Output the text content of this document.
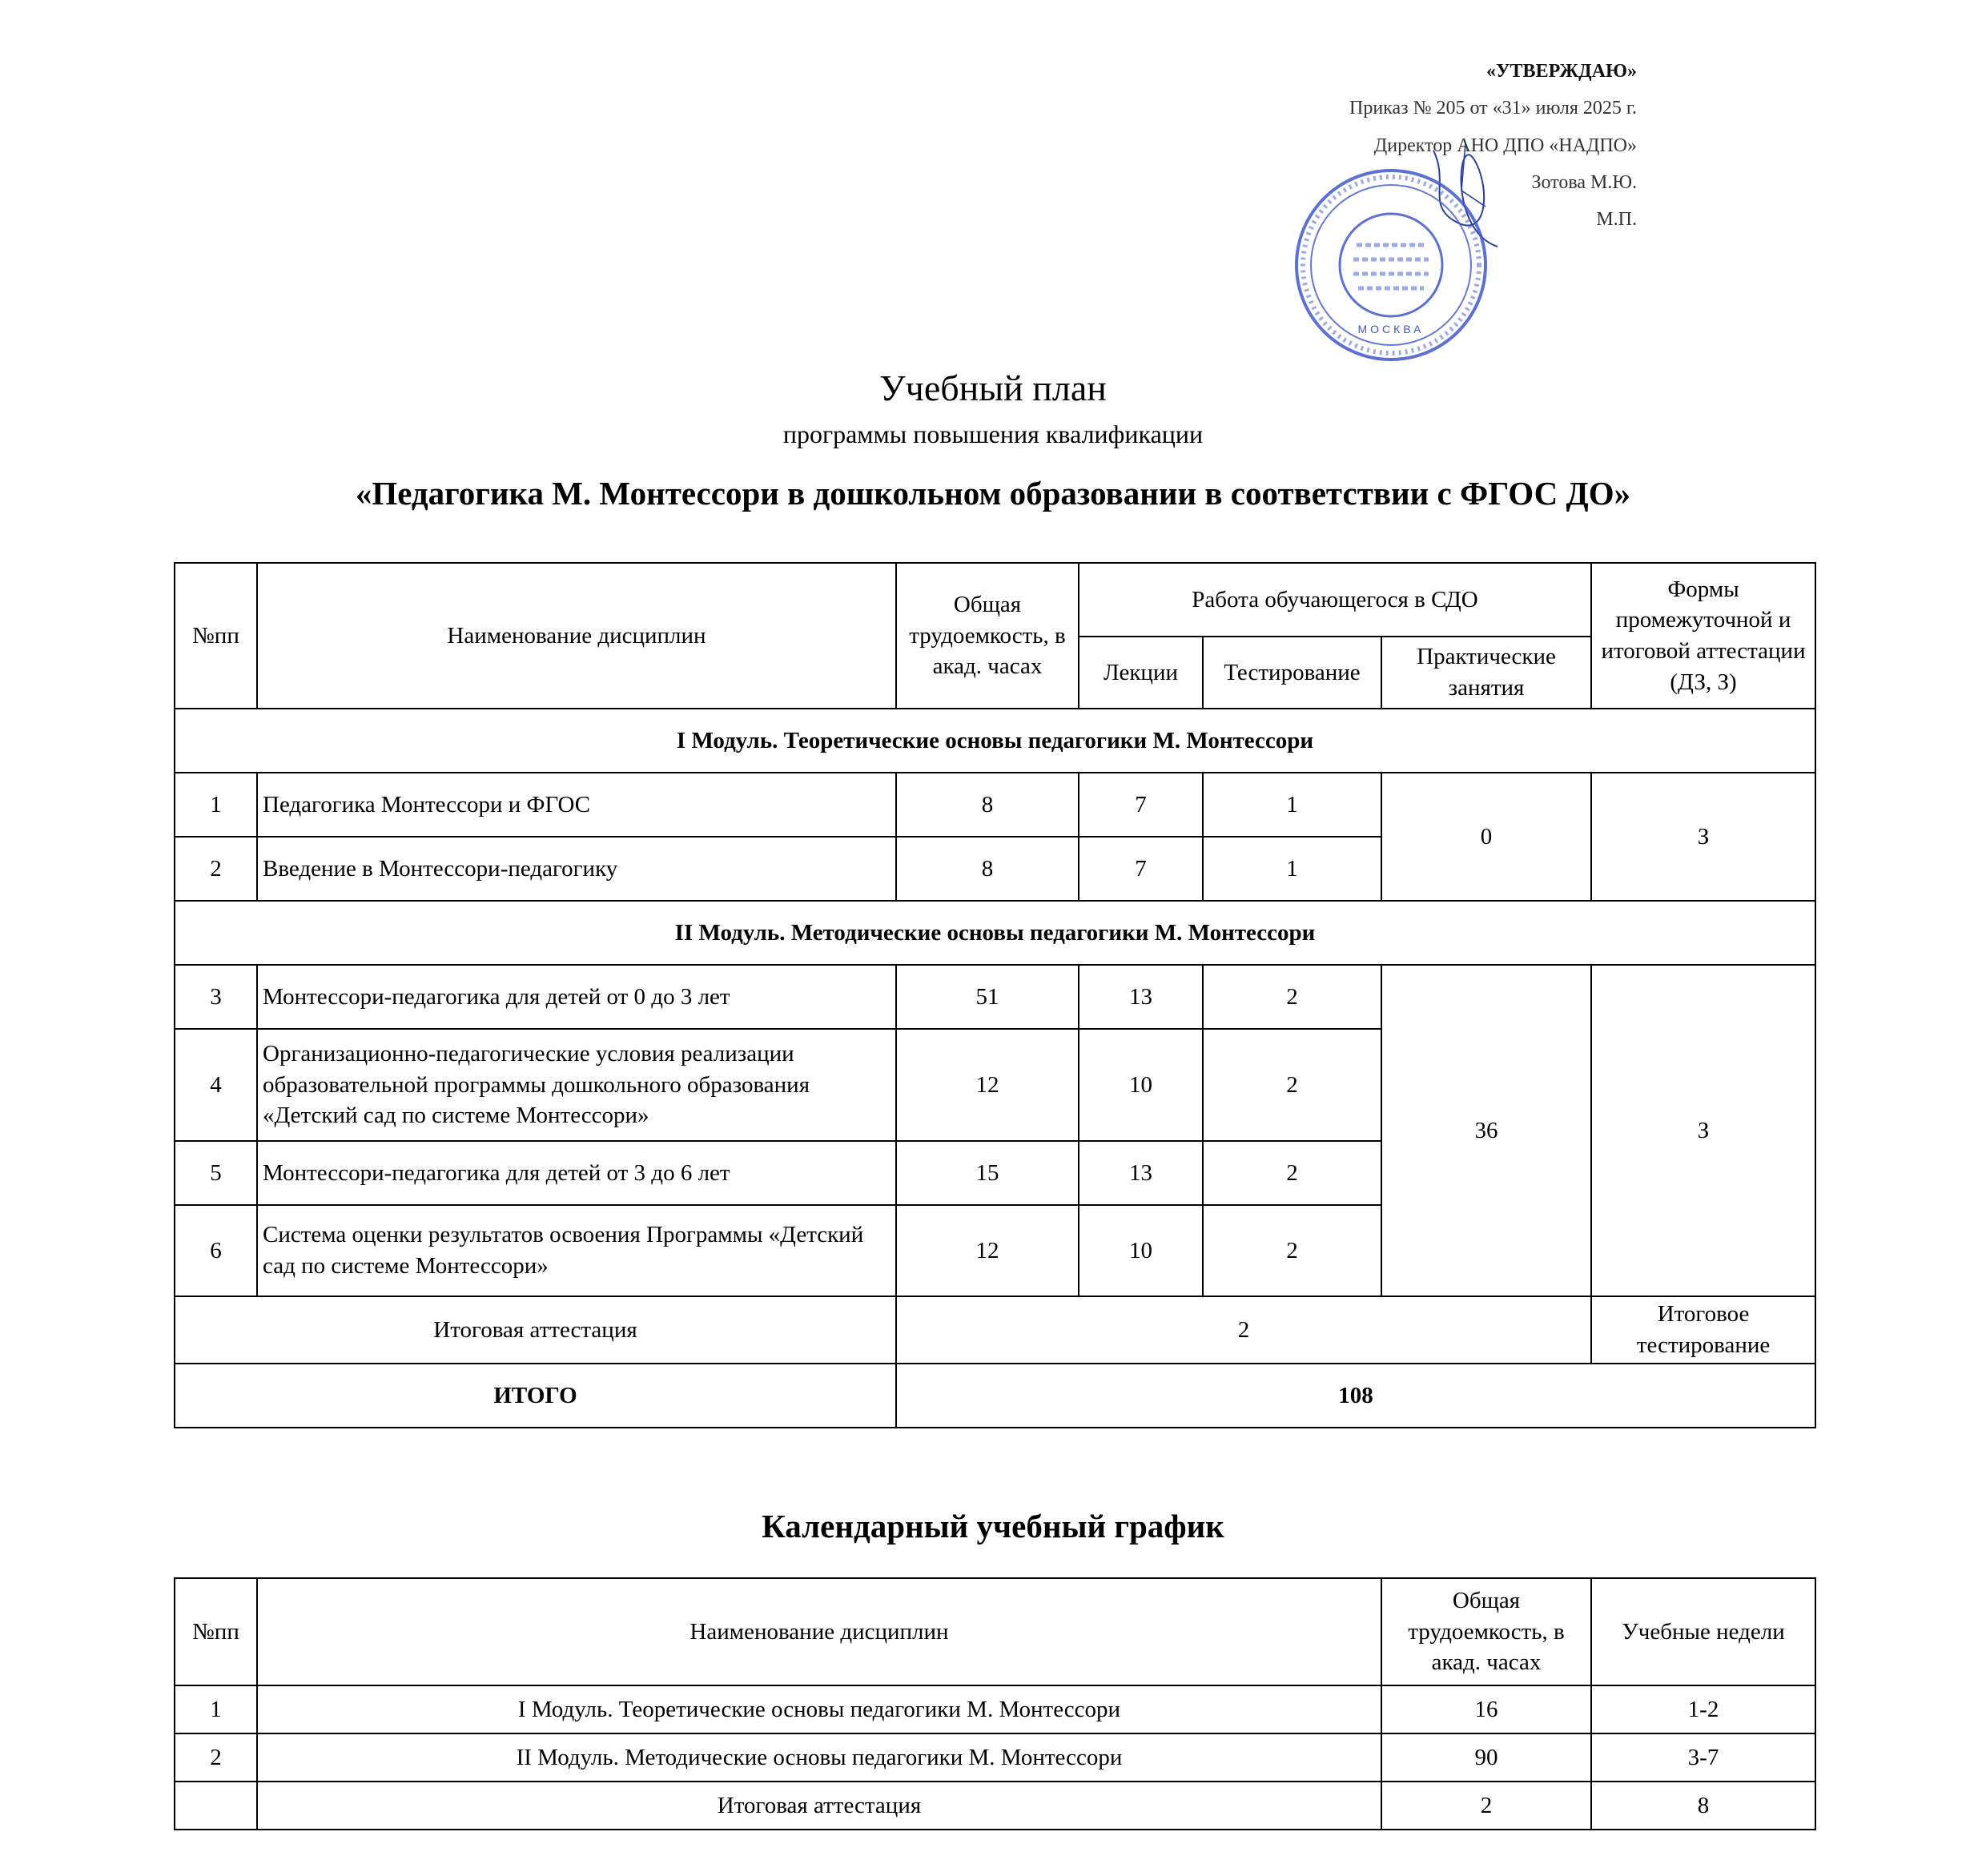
«УТВЕРЖДАЮ»
Приказ № 205 от «31» июля 2025 г.
Директор АНО ДПО «НАДПО»
Зотова М.Ю.
М.П.
МОСКВА
Учебный план
программы повышения квалификации
«Педагогика М. Монтессори в дошкольном образовании в соответствии с ФГОС ДО»
№пп	Наименование дисциплин	Общая трудоемкость, в акад. часах	Работа обучающегося в СДО			Формы промежуточной и итоговой аттестации (ДЗ, З)
			Лекции	Тестирование	Практические занятия	
I Модуль. Теоретические основы педагогики М. Монтессори						
1	Педагогика Монтессори и ФГОС	8	7	1	0	З
2	Введение в Монтессори-педагогику	8	7	1		
II Модуль. Методические основы педагогики М. Монтессори						
3	Монтессори-педагогика для детей от 0 до 3 лет	51	13	2	36	З
4	Организационно-педагогические условия реализации образовательной программы дошкольного образования «Детский сад по системе Монтессори»	12	10	2		
5	Монтессори-педагогика для детей от 3 до 6 лет	15	13	2		
6	Система оценки результатов освоения Программы «Детский сад по системе Монтессори»	12	10	2		
Итоговая аттестация		2				Итоговое тестирование
ИТОГО		108				
Календарный учебный график
№пп	Наименование дисциплин	Общая трудоемкость, в акад. часах	Учебные недели
1	I Модуль. Теоретические основы педагогики М. Монтессори	16	1-2
2	II Модуль. Методические основы педагогики М. Монтессори	90	3-7
	Итоговая аттестация	2	8
